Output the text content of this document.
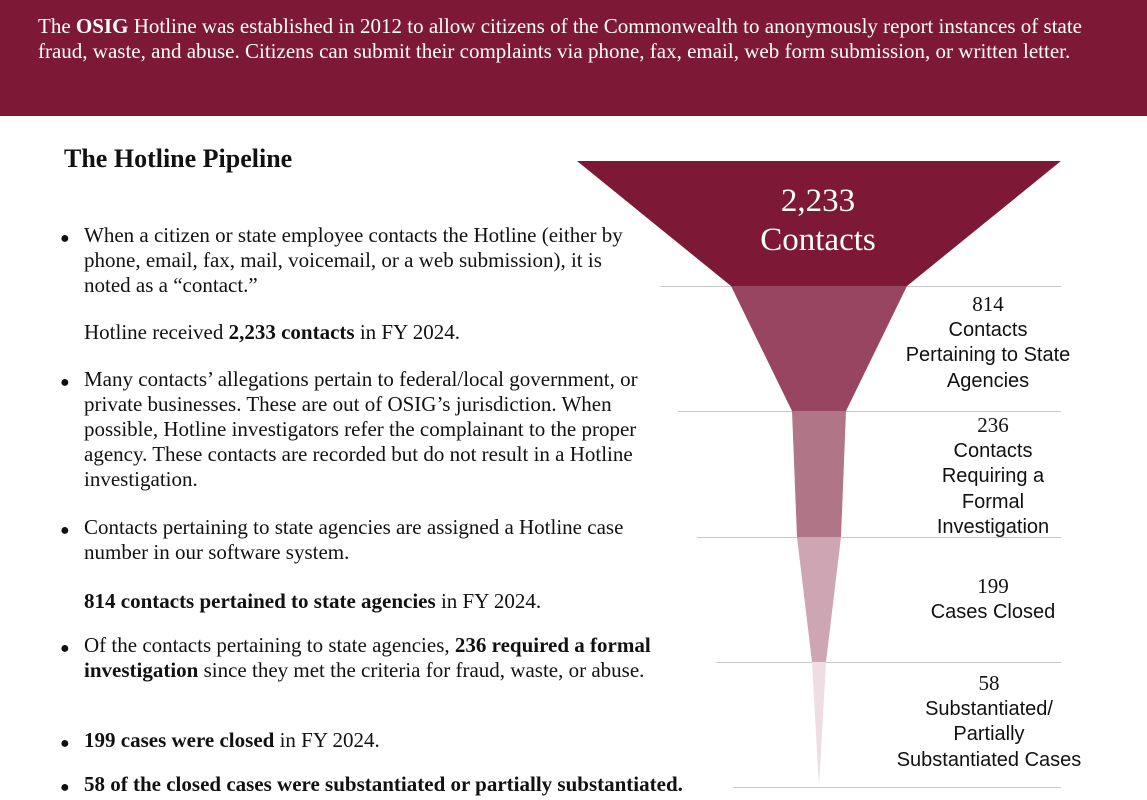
The OSIG Hotline was established in 2012 to allow citizens of the Commonwealth to anonymously report instances of state fraud, waste, and abuse. Citizens can submit their complaints via phone, fax, email, web form submission, or written letter.
The Hotline Pipeline
● When a citizen or state employee contacts the Hotline (either by phone, email, fax, mail, voicemail, or a web submission), it is noted as a “contact.”

Hotline received 2,233 contacts in FY 2024.

● Many contacts’ allegations pertain to federal/local government, or private businesses. These are out of OSIG’s jurisdiction. When possible, Hotline investigators refer the complainant to the proper agency. These contacts are recorded but do not result in a Hotline investigation.

● Contacts pertaining to state agencies are assigned a Hotline case number in our software system.

814 contacts pertained to state agencies in FY 2024.

● Of the contacts pertaining to state agencies, 236 required a formal investigation since they met the criteria for fraud, waste, or abuse.

● 199 cases were closed in FY 2024.

● 58 of the closed cases were substantiated or partially substantiated.

2,233
Contacts
814
Contacts
Pertaining to State
Agencies
236
Contacts
Requiring a
Formal
Investigation
199
Cases Closed
58
Substantiated/
Partially
Substantiated Cases
